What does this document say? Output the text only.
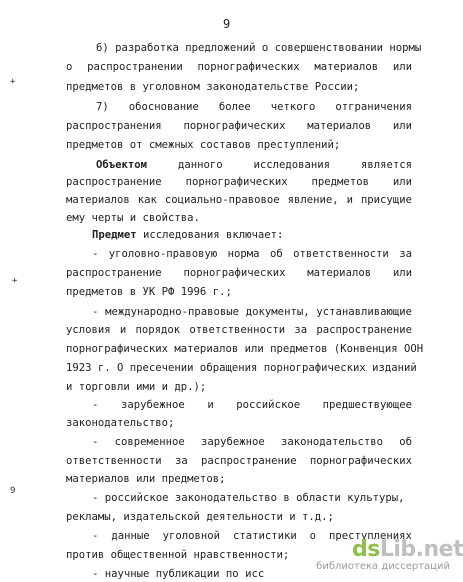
9
6) разработка предложений о совершенствовании нормы
о распространении порнографических материалов или
предметов в уголовном законодательстве России;
7) обоснование более четкого отграничения
распространения порнографических материалов или
предметов от смежных составов преступлений;
Объектом	данного	исследования	является
распространение порнографических предметов или
материалов как социально-правовое явление, и присущие
ему черты и свойства.
Предмет исследования включает:
- уголовно-правовую норма об ответственности за
распространение порнографических материалов или
предметов в УК РФ 1996 г.;
- международно-правовые документы, устанавливающие
условия и порядок ответственности за распространение
порнографических материалов или предметов (Конвенция ООН
1923 г. О пресечении обращения порнографических изданий
и торговли ими и др.);
- зарубежное и российское предшествующее
законодательство;
- современное зарубежное законодательство об
ответственности за распространение порнографических
материалов или предметов;
- российское законодательство в области культуры,
рекламы, издательской деятельности и т.д.;
- данные уголовной статистики о преступлениях
против общественной нравственности;
- научные публикации по исс
+
+
9
dsLib.net
библиотека диссертаций
